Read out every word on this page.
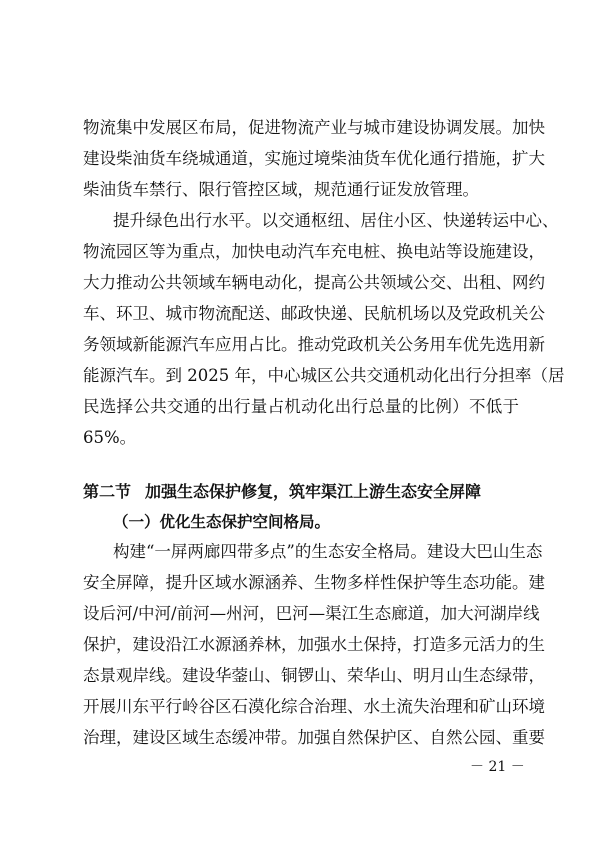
物流集中发展区布局，促进物流产业与城市建设协调发展。加快
建设柴油货车绕城通道，实施过境柴油货车优化通行措施，扩大
柴油货车禁行、限行管控区域，规范通行证发放管理。
提升绿色出行水平。以交通枢纽、居住小区、快递转运中心、
物流园区等为重点，加快电动汽车充电桩、换电站等设施建设，
大力推动公共领域车辆电动化，提高公共领域公交、出租、网约
车、环卫、城市物流配送、邮政快递、民航机场以及党政机关公
务领域新能源汽车应用占比。推动党政机关公务用车优先选用新
能源汽车。到 2025 年，中心城区公共交通机动化出行分担率（居
民选择公共交通的出行量占机动化出行总量的比例）不低于
65%。
第二节 加强生态保护修复，筑牢渠江上游生态安全屏障
（一）优化生态保护空间格局。
构建“一屏两廊四带多点”的生态安全格局。建设大巴山生态
安全屏障，提升区域水源涵养、生物多样性保护等生态功能。建
设后河/中河/前河—州河，巴河—渠江生态廊道，加大河湖岸线
保护，建设沿江水源涵养林，加强水土保持，打造多元活力的生
态景观岸线。建设华蓥山、铜锣山、荣华山、明月山生态绿带，
开展川东平行岭谷区石漠化综合治理、水土流失治理和矿山环境
治理，建设区域生态缓冲带。加强自然保护区、自然公园、重要
－ 21 －
